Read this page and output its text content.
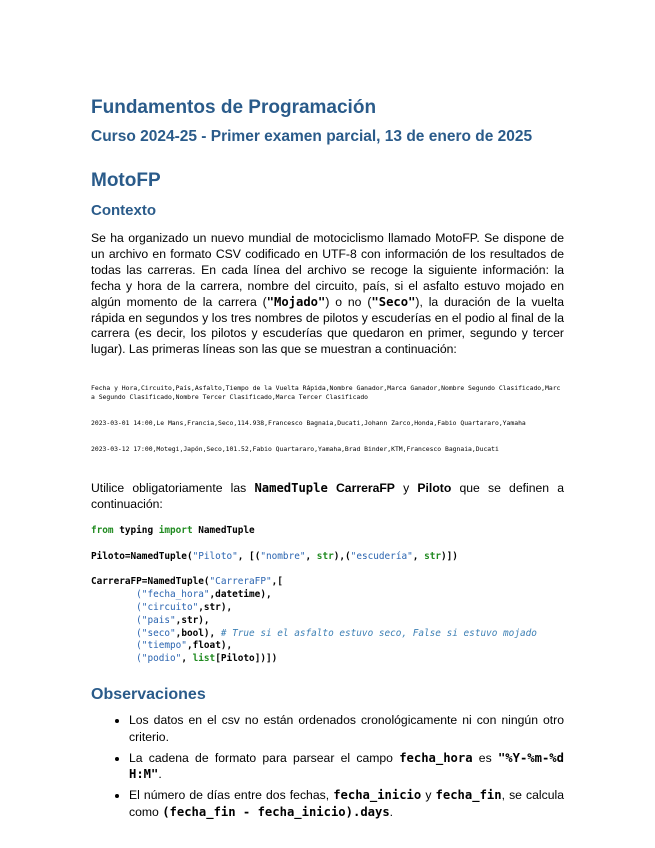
Fundamentos de Programación
Curso 2024-25 - Primer examen parcial, 13 de enero de 2025
MotoFP
Contexto

Se ha organizado un nuevo mundial de motociclismo llamado MotoFP. Se dispone de un archivo en formato CSV codificado en UTF-8 con información de los resultados de todas las carreras. En cada línea del archivo se recoge la siguiente información: la fecha y hora de la carrera, nombre del circuito, país, si el asfalto estuvo mojado en algún momento de la carrera ("Mojado") o no ("Seco"), la duración de la vuelta rápida en segundos y los tres nombres de pilotos y escuderías en el podio al final de la carrera (es decir, los pilotos y escuderías que quedaron en primer, segundo y tercer lugar). Las primeras líneas son las que se muestran a continuación:

Fecha y Hora,Circuito,País,Asfalto,Tiempo de la Vuelta Rápida,Nombre Ganador,Marca Ganador,Nombre Segundo Clasificado,Marca Segundo Clasificado,Nombre Tercer Clasificado,Marca Tercer Clasificado

2023-03-01 14:00,Le Mans,Francia,Seco,114.938,Francesco Bagnaia,Ducati,Johann Zarco,Honda,Fabio Quartararo,Yamaha

2023-03-12 17:00,Motegi,Japón,Seco,101.52,Fabio Quartararo,Yamaha,Brad Binder,KTM,Francesco Bagnaia,Ducati

Utilice obligatoriamente las NamedTuple CarreraFP y Piloto que se definen a continuación:

from typing import NamedTuple
Piloto=NamedTuple("Piloto", [("nombre", str),("escudería", str)])
CarreraFP=NamedTuple("CarreraFP",[
("fecha_hora",datetime),
("circuito",str),
("pais",str),
("seco",bool), # True si el asfalto estuvo seco, False si estuvo mojado
("tiempo",float),
("podio", list[Piloto])])
Observaciones
• Los datos en el csv no están ordenados cronológicamente ni con ningún otro criterio.
• La cadena de formato para parsear el campo fecha_hora es "%Y-%m-%d H:M".
• El número de días entre dos fechas, fecha_inicio y fecha_fin, se calcula como (fecha_fin - fecha_inicio).days.
